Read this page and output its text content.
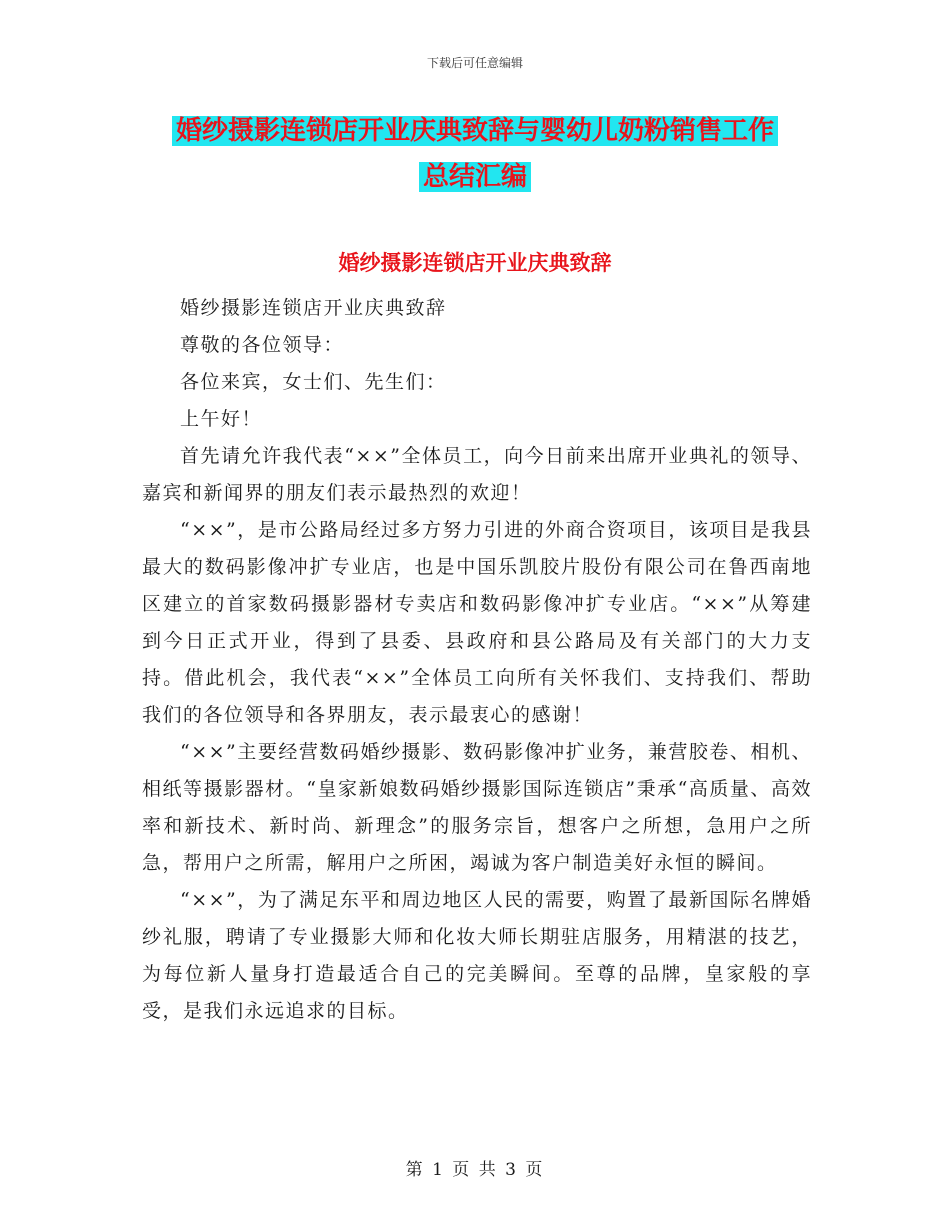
下载后可任意编辑
婚纱摄影连锁店开业庆典致辞与婴幼儿奶粉销售工作
总结汇编
婚纱摄影连锁店开业庆典致辞

婚纱摄影连锁店开业庆典致辞

尊敬的各位领导：

各位来宾，女士们、先生们：

上午好！

首先请允许我代表“××”全体员工，向今日前来出席开业典礼的领导、嘉宾和新闻界的朋友们表示最热烈的欢迎！

“××”，是市公路局经过多方努力引进的外商合资项目，该项目是我县最大的数码影像冲扩专业店，也是中国乐凯胶片股份有限公司在鲁西南地区建立的首家数码摄影器材专卖店和数码影像冲扩专业店。“××”从筹建到今日正式开业，得到了县委、县政府和县公路局及有关部门的大力支持。借此机会，我代表“××”全体员工向所有关怀我们、支持我们、帮助我们的各位领导和各界朋友，表示最衷心的感谢！

“××”主要经营数码婚纱摄影、数码影像冲扩业务，兼营胶卷、相机、相纸等摄影器材。“皇家新娘数码婚纱摄影国际连锁店”秉承“高质量、高效率和新技术、新时尚、新理念”的服务宗旨，想客户之所想，急用户之所急，帮用户之所需，解用户之所困，竭诚为客户制造美好永恒的瞬间。

“××”，为了满足东平和周边地区人民的需要，购置了最新国际名牌婚纱礼服，聘请了专业摄影大师和化妆大师长期驻店服务，用精湛的技艺，为每位新人量身打造最适合自己的完美瞬间。至尊的品牌，皇家般的享受，是我们永远追求的目标。

第 1 页 共 3 页
